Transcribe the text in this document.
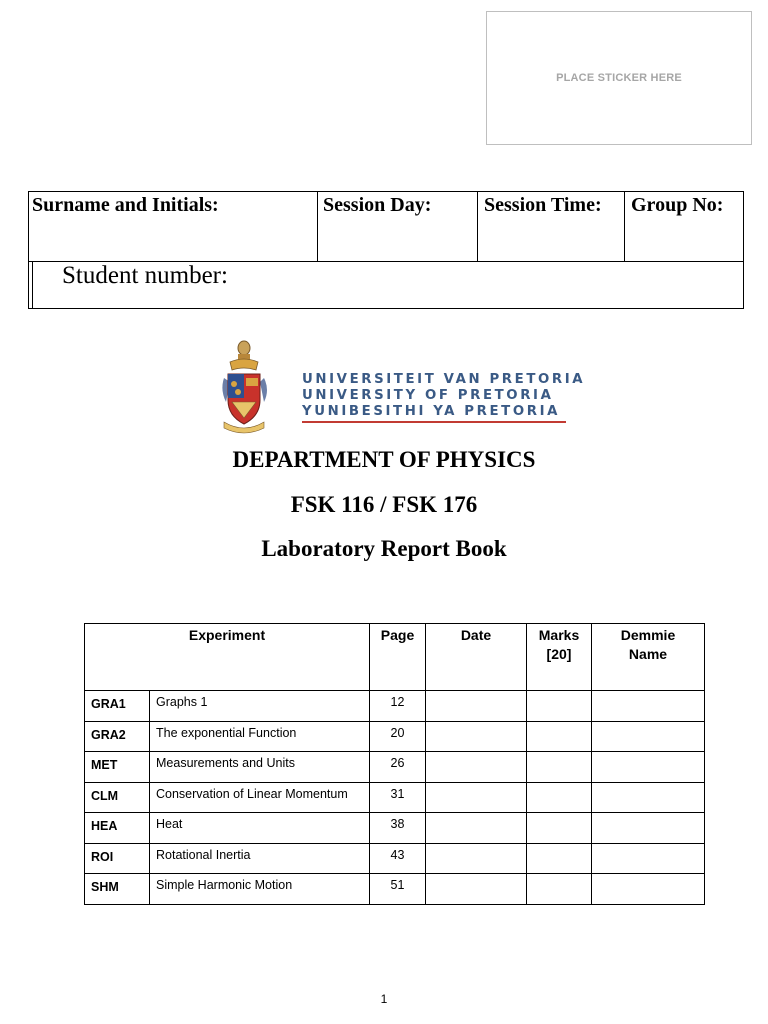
PLACE STICKER HERE
Surname and Initials:	Session Day:	Session Time:	Group No:
Student number:
UNIVERSITEIT VAN PRETORIA
UNIVERSITY OF PRETORIA
YUNIBESITHI YA PRETORIA
DEPARTMENT OF PHYSICS
FSK 116 / FSK 176
Laboratory Report Book
Experiment		Page	Date	Marks [20]	Demmie Name

GRA1	Graphs 1	12			
GRA2	The exponential Function	20			
MET	Measurements and Units	26			
CLM	Conservation of Linear Momentum	31			
HEA	Heat	38			
ROI	Rotational Inertia	43			
SHM	Simple Harmonic Motion	51			
1
